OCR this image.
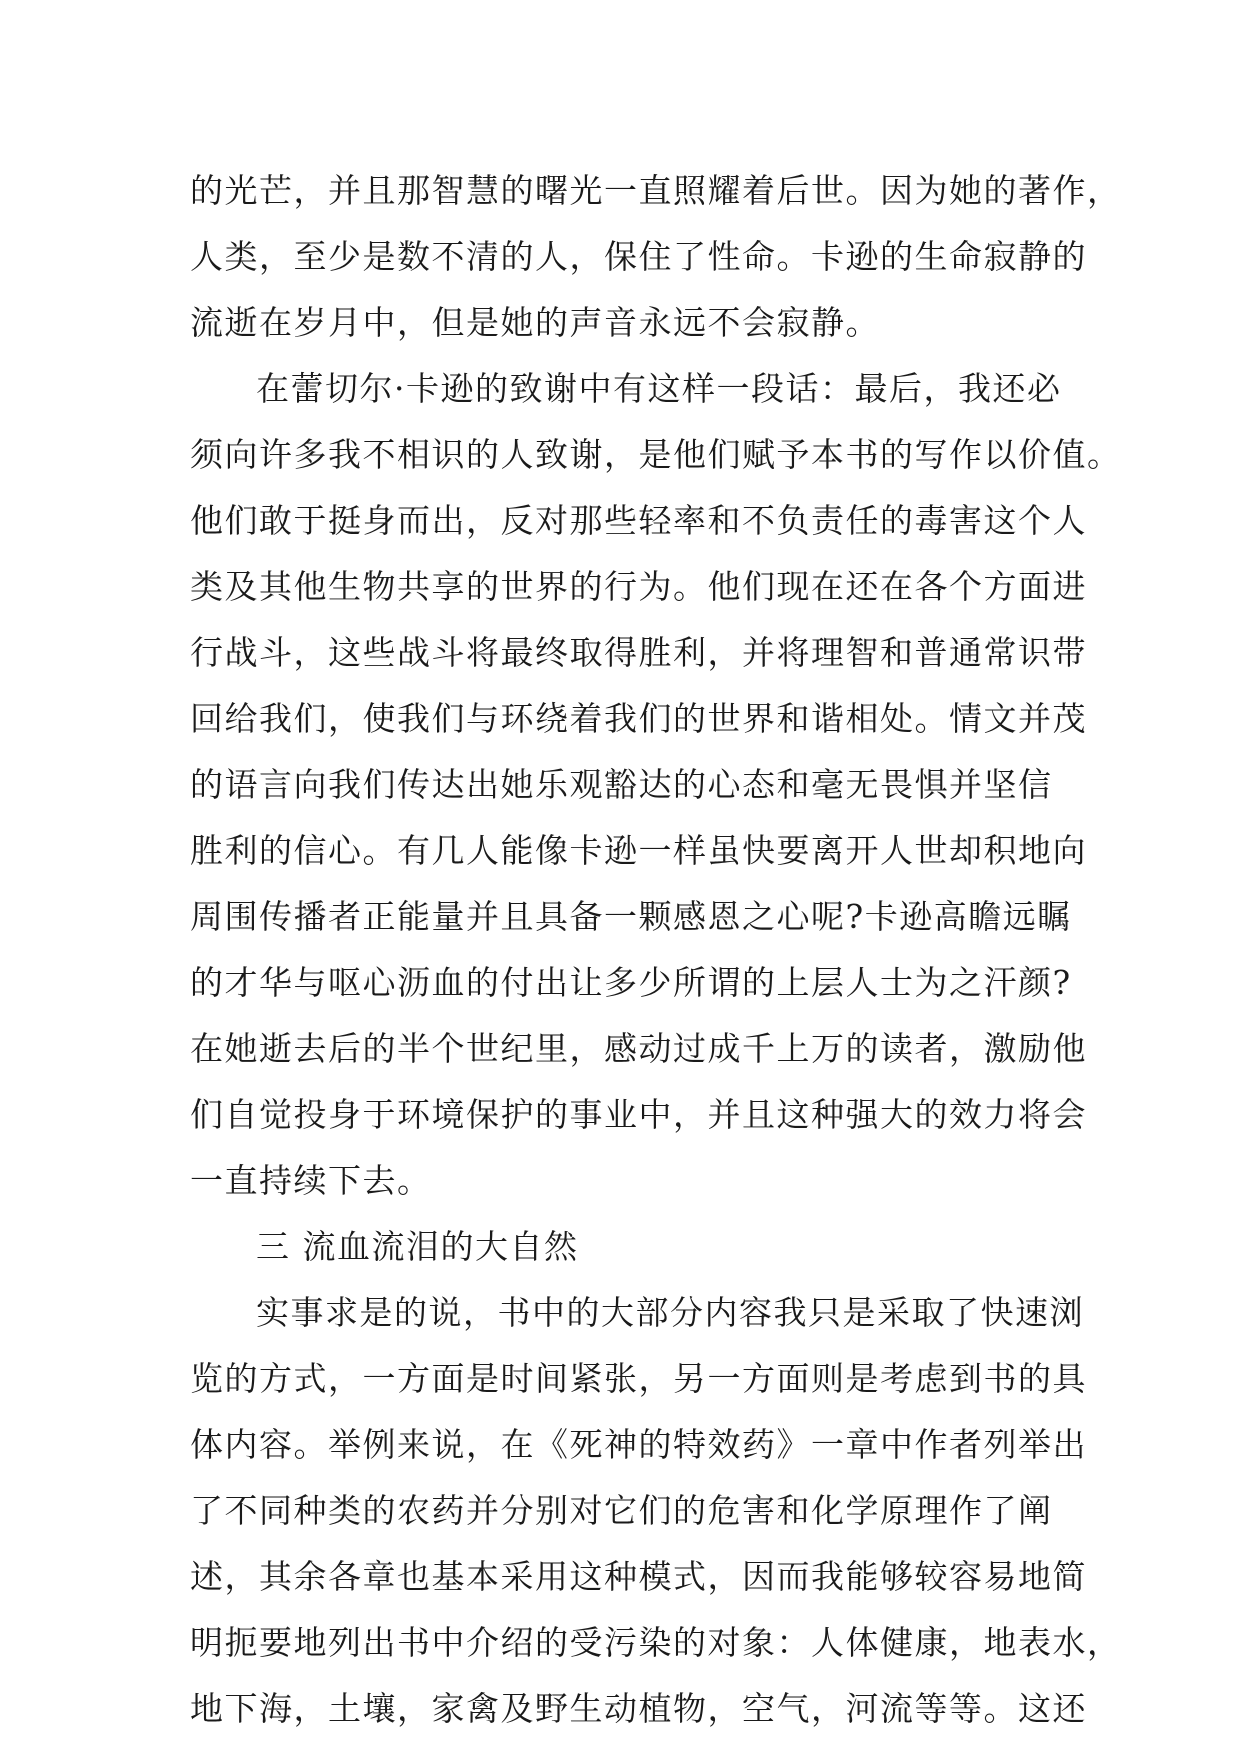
的光芒，并且那智慧的曙光一直照耀着后世。因为她的著作，
人类，至少是数不清的人，保住了性命。卡逊的生命寂静的
流逝在岁月中，但是她的声音永远不会寂静。
在蕾切尔·卡逊的致谢中有这样一段话：最后，我还必
须向许多我不相识的人致谢，是他们赋予本书的写作以价值。
他们敢于挺身而出，反对那些轻率和不负责任的毒害这个人
类及其他生物共享的世界的行为。他们现在还在各个方面进
行战斗，这些战斗将最终取得胜利，并将理智和普通常识带
回给我们，使我们与环绕着我们的世界和谐相处。情文并茂
的语言向我们传达出她乐观豁达的心态和毫无畏惧并坚信
胜利的信心。有几人能像卡逊一样虽快要离开人世却积地向
周围传播者正能量并且具备一颗感恩之心呢?卡逊高瞻远瞩
的才华与呕心沥血的付出让多少所谓的上层人士为之汗颜?
在她逝去后的半个世纪里，感动过成千上万的读者，激励他
们自觉投身于环境保护的事业中，并且这种强大的效力将会
一直持续下去。
三 流血流泪的大自然
实事求是的说，书中的大部分内容我只是采取了快速浏
览的方式，一方面是时间紧张，另一方面则是考虑到书的具
体内容。举例来说，在《死神的特效药》一章中作者列举出
了不同种类的农药并分别对它们的危害和化学原理作了阐
述，其余各章也基本采用这种模式，因而我能够较容易地简
明扼要地列出书中介绍的受污染的对象：人体健康，地表水，
地下海，土壤，家禽及野生动植物，空气，河流等等。这还
